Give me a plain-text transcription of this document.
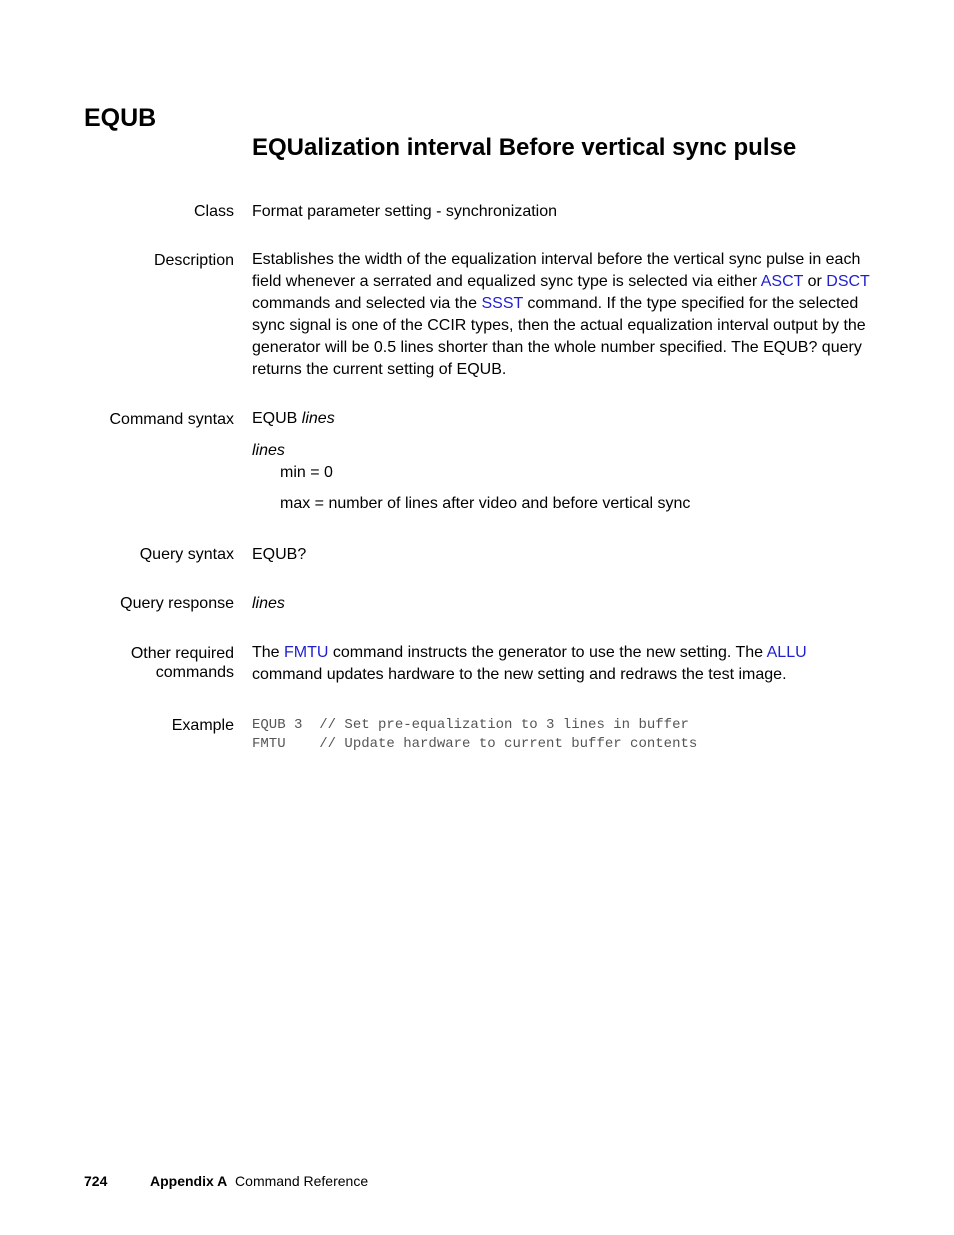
EQUB
EQUalization interval Before vertical sync pulse
Class Format parameter setting - synchronization
Description Establishes the width of the equalization interval before the vertical sync pulse in each field whenever a serrated and equalized sync type is selected via either ASCT or DSCT commands and selected via the SSST command. If the type specified for the selected sync signal is one of the CCIR types, then the actual equalization interval output by the generator will be 0.5 lines shorter than the whole number specified. The EQUB? query returns the current setting of EQUB.

Command syntax EQUB lines

lines

min = 0

max = number of lines after video and before vertical sync

Query syntax EQUB?
Query response lines
Other required
commands

The FMTU command instructs the generator to use the new setting. The ALLU command updates hardware to the new setting and redraws the test image.

Example EQUB 3  // Set pre-equalization to 3 lines in buffer
FMTU    // Update hardware to current buffer contents
724	Appendix A Command Reference
